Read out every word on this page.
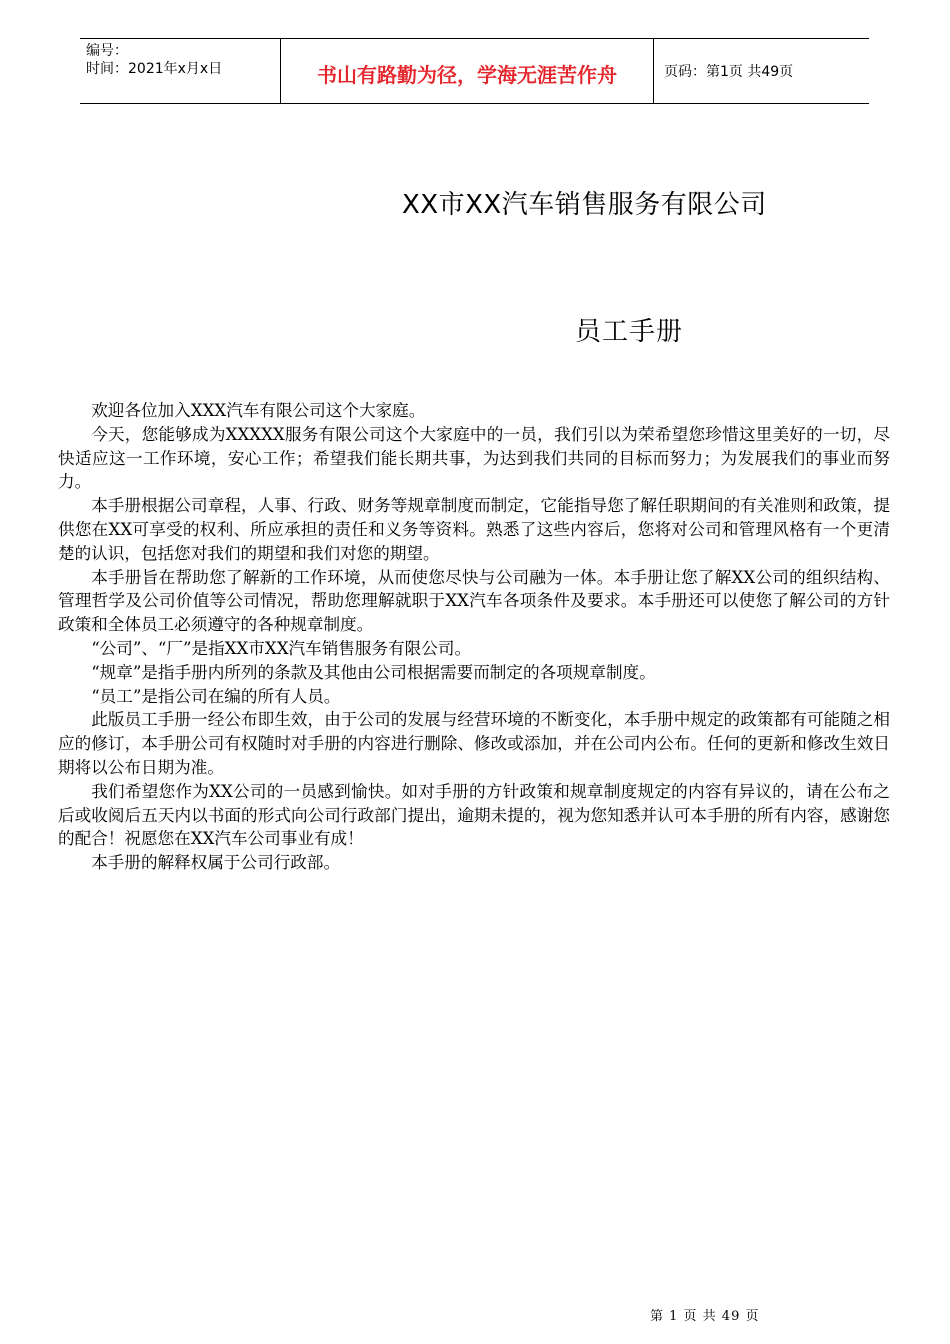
编号：
时间：2021年x月x日	书山有路勤为径，学海无涯苦作舟	页码：第1页 共49页
XX市XX汽车销售服务有限公司
员工手册

欢迎各位加入XXX汽车有限公司这个大家庭。

今天，您能够成为XXXXX服务有限公司这个大家庭中的一员，我们引以为荣希望您珍惜这里美好的一切，尽快适应这一工作环境，安心工作；希望我们能长期共事，为达到我们共同的目标而努力；为发展我们的事业而努力。

本手册根据公司章程，人事、行政、财务等规章制度而制定，它能指导您了解任职期间的有关准则和政策，提供您在XX可享受的权利、所应承担的责任和义务等资料。熟悉了这些内容后，您将对公司和管理风格有一个更清楚的认识，包括您对我们的期望和我们对您的期望。

本手册旨在帮助您了解新的工作环境，从而使您尽快与公司融为一体。本手册让您了解XX公司的组织结构、管理哲学及公司价值等公司情况，帮助您理解就职于XX汽车各项条件及要求。本手册还可以使您了解公司的方针政策和全体员工必须遵守的各种规章制度。

“公司”、“厂”是指XX市XX汽车销售服务有限公司。

“规章”是指手册内所列的条款及其他由公司根据需要而制定的各项规章制度。

“员工”是指公司在编的所有人员。

此版员工手册一经公布即生效，由于公司的发展与经营环境的不断变化，本手册中规定的政策都有可能随之相应的修订，本手册公司有权随时对手册的内容进行删除、修改或添加，并在公司内公布。任何的更新和修改生效日期将以公布日期为准。

我们希望您作为XX公司的一员感到愉快。如对手册的方针政策和规章制度规定的内容有异议的，请在公布之后或收阅后五天内以书面的形式向公司行政部门提出，逾期未提的，视为您知悉并认可本手册的所有内容，感谢您的配合！祝愿您在XX汽车公司事业有成！

本手册的解释权属于公司行政部。

第 1 页 共 49 页
